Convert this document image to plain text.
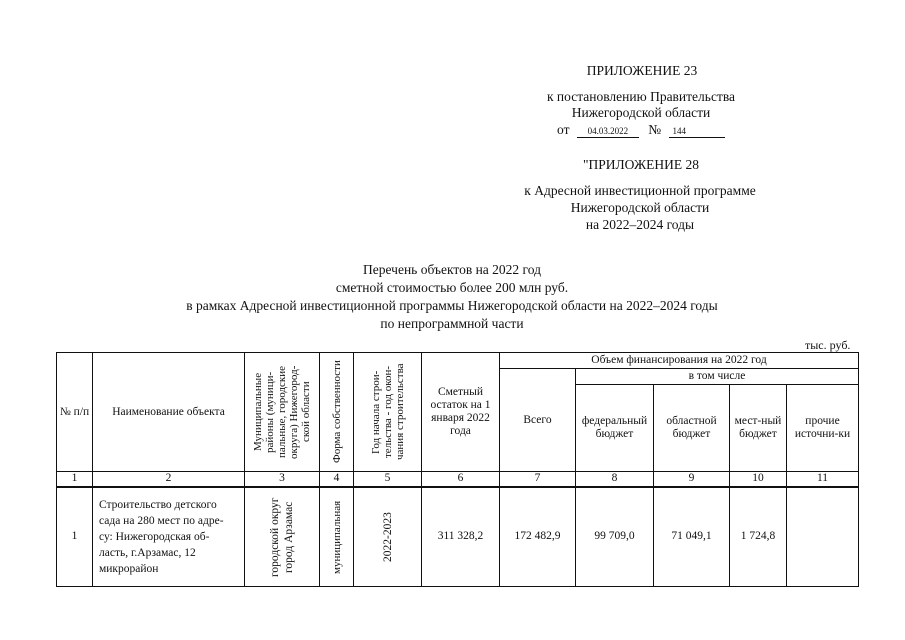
ПРИЛОЖЕНИЕ 23
к постановлению Правительства
Нижегородской области
от 04.03.2022 № 144
"ПРИЛОЖЕНИЕ 28
к Адресной инвестиционной программе
Нижегородской области
на 2022–2024 годы
Перечень объектов на 2022 год
сметной стоимостью более 200 млн руб.
в рамках Адресной инвестиционной программы Нижегородской области на 2022–2024 годы
по непрограммной части
тыс. руб.
№ п/п	Наименование объекта	Муниципальные районы (муници-пальные, городские округа) Нижегород-ской области	Форма собственности	Год начала строи-тельства - год окон-чания строительства	Сметный остаток на 1 января 2022 года	Объем финансирования на 2022 год				
						Всего	в том числе			
							федеральный бюджет	областной бюджет	мест-ный бюджет	прочие источни-ки
1	2	3	4	5	6	7	8	9	10	11
1	Строительство детского сада на 280 мест по адре-су: Нижегородская об-ласть, г.Арзамас, 12 микрорайон	городской округ город Арзамас	муниципальная	2022-2023	311 328,2	172 482,9	99 709,0	71 049,1	1 724,8	
